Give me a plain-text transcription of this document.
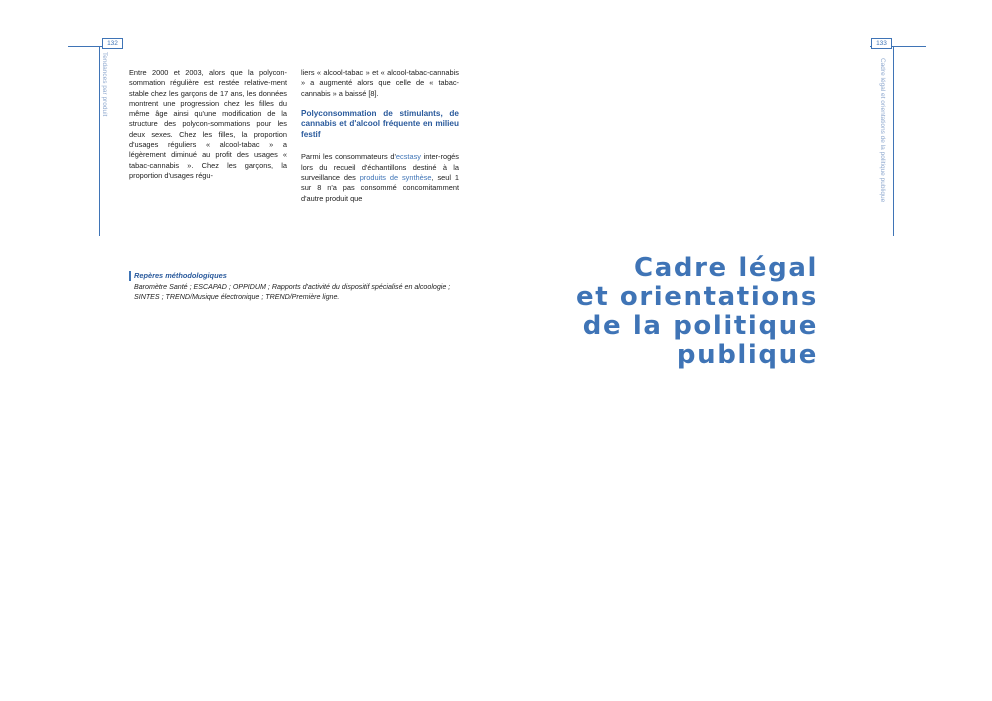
132
Tendances par produit	Entre 2000 et 2003, alors que la polycon-sommation régulière est restée relative-ment stable chez les garçons de 17 ans, les données montrent une progression chez les filles du même âge ainsi qu'une modification de la structure des polycon-sommations pour les deux sexes. Chez les filles, la proportion d'usages réguliers « alcool-tabac » a légèrement diminué au profit des usages « tabac-cannabis ». Chez les garçons, la proportion d'usages régu-

liers « alcool-tabac » et « alcool-tabac-cannabis » a augmenté alors que celle de « tabac-cannabis » a baissé [8].

Polyconsommation de stimulants, de cannabis et d'alcool fréquente en milieu festif

Parmi les consommateurs d'ecstasy inter-rogés lors du recueil d'échantillons destiné à la surveillance des produits de synthèse, seul 1 sur 8 n'a pas consommé concomitamment d'autre produit que

Repères méthodologiques
Baromètre Santé ; ESCAPAD ; OPPIDUM ; Rapports d'activité du dispositif spécialisé en alcoologie ; SINTES ; TREND/Musique électronique ; TREND/Première ligne.
133
Cadre légal et orientations de la politique publique
Cadre légal
et orientations
de la politique
publique
